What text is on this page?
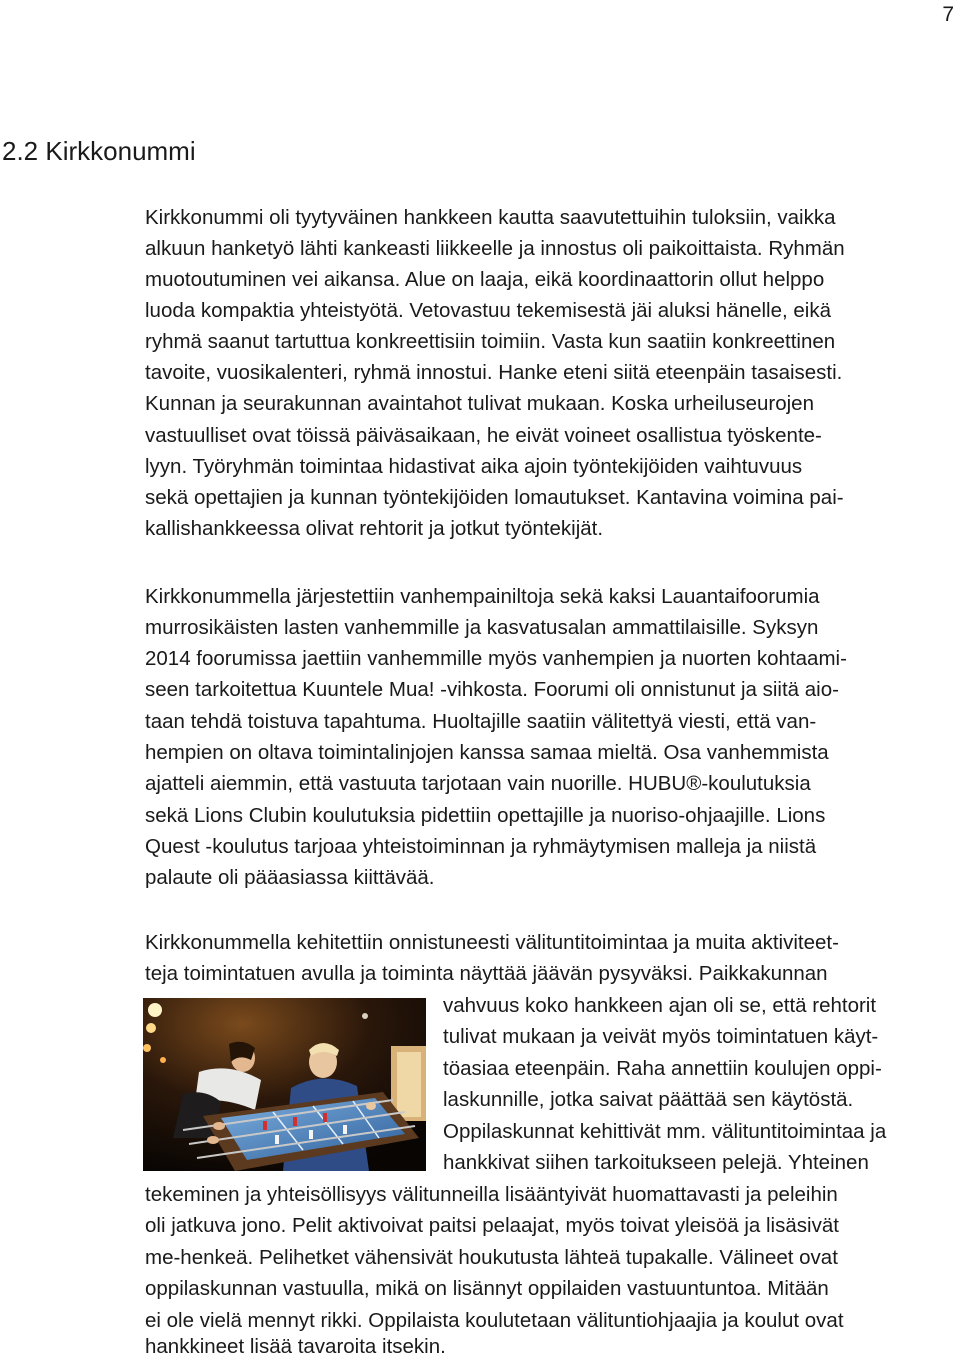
7
2.2 Kirkkonummi

Kirkkonummi oli tyytyväinen hankkeen kautta saavutettuihin tuloksiin, vaikka

alkuun hanketyö lähti kankeasti liikkeelle ja innostus oli paikoittaista. Ryhmän

muotoutuminen vei aikansa. Alue on laaja, eikä koordinaattorin ollut helppo

luoda kompaktia yhteistyötä. Vetovastuu tekemisestä jäi aluksi hänelle, eikä

ryhmä saanut tartuttua konkreettisiin toimiin. Vasta kun saatiin konkreettinen

tavoite, vuosikalenteri, ryhmä innostui. Hanke eteni siitä eteenpäin tasaisesti.

Kunnan ja seurakunnan avaintahot tulivat mukaan. Koska urheiluseurojen

vastuulliset ovat töissä päiväsaikaan, he eivät voineet osallistua työskente-

lyyn. Työryhmän toimintaa hidastivat aika ajoin työntekijöiden vaihtuvuus

sekä opettajien ja kunnan työntekijöiden lomautukset. Kantavina voimina pai-

kallishankkeessa olivat rehtorit ja jotkut työntekijät.

Kirkkonummella järjestettiin vanhempainiltoja sekä kaksi Lauantaifoorumia

murrosikäisten lasten vanhemmille ja kasvatusalan ammattilaisille. Syksyn

2014 foorumissa jaettiin vanhemmille myös vanhempien ja nuorten kohtaami-

seen tarkoitettua Kuuntele Mua! -vihkosta. Foorumi oli onnistunut ja siitä aio-

taan tehdä toistuva tapahtuma. Huoltajille saatiin välitettyä viesti, että van-

hempien on oltava toimintalinjojen kanssa samaa mieltä. Osa vanhemmista

ajatteli aiemmin, että vastuuta tarjotaan vain nuorille. HUBU®-koulutuksia

sekä Lions Clubin koulutuksia pidettiin opettajille ja nuoriso-ohjaajille. Lions

Quest -koulutus tarjoaa yhteistoiminnan ja ryhmäytymisen malleja ja niistä

palaute oli pääasiassa kiittävää.

Kirkkonummella kehitettiin onnistuneesti välituntitoimintaa ja muita aktiviteet-

teja toimintatuen avulla ja toiminta näyttää jäävän pysyväksi. Paikkakunnan

vahvuus koko hankkeen ajan oli se, että rehtorit

tulivat mukaan ja veivät myös toimintatuen käyt-

töasiaa eteenpäin. Raha annettiin koulujen oppi-

laskunnille, jotka saivat päättää sen käytöstä.

Oppilaskunnat kehittivät mm. välituntitoimintaa ja

hankkivat siihen tarkoitukseen pelejä. Yhteinen

tekeminen ja yhteisöllisyys välitunneilla lisääntyivät huomattavasti ja peleihin

oli jatkuva jono. Pelit aktivoivat paitsi pelaajat, myös toivat yleisöä ja lisäsivät

me-henkeä. Pelihetket vähensivät houkutusta lähteä tupakalle. Välineet ovat

oppilaskunnan vastuulla, mikä on lisännyt oppilaiden vastuuntuntoa. Mitään

ei ole vielä mennyt rikki. Oppilaista koulutetaan välituntiohjaajia ja koulut ovat

hankkineet lisää tavaroita itsekin.
